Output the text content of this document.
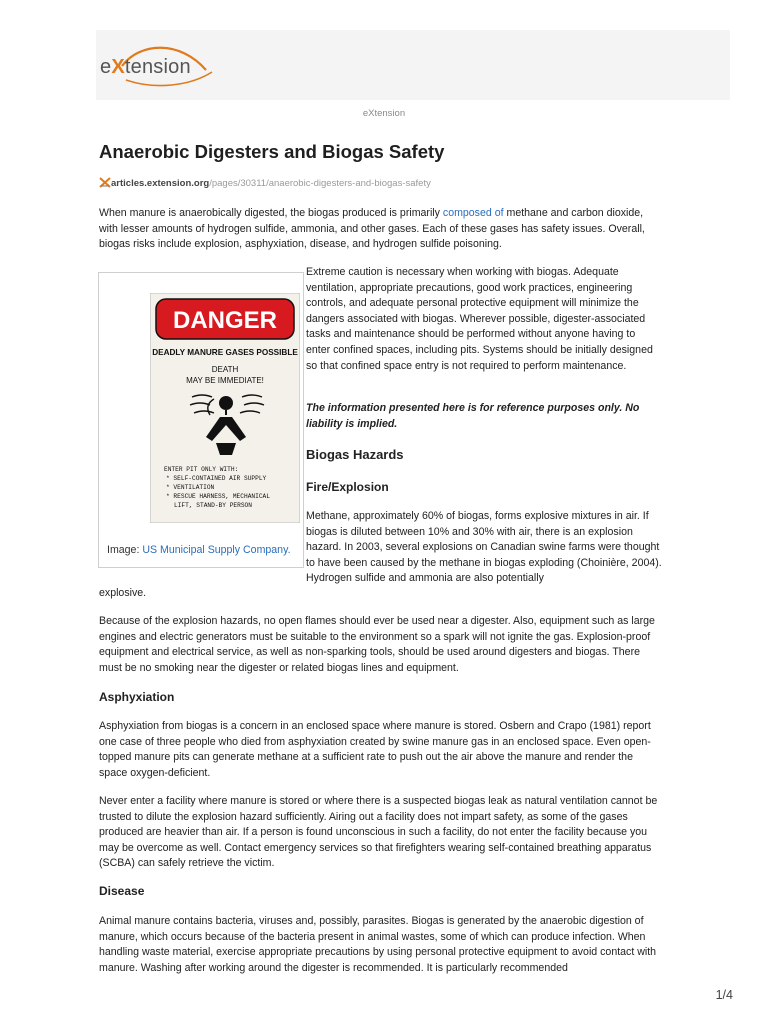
eXtension
eXtension
Anaerobic Digesters and Biogas Safety
articles.extension.org/pages/30311/anaerobic-digesters-and-biogas-safety

When manure is anaerobically digested, the biogas produced is primarily composed of methane and carbon dioxide, with lesser amounts of hydrogen sulfide, ammonia, and other gases. Each of these gases has safety issues. Overall, biogas risks include explosion, asphyxiation, disease, and hydrogen sulfide poisoning.

DANGER
DEADLY MANURE GASES POSSIBLE
DEATH
MAY BE IMMEDIATE!
ENTER PIT ONLY WITH:
* SELF-CONTAINED AIR SUPPLY
* VENTILATION
* RESCUE HARNESS, MECHANICAL
LIFT, STAND-BY PERSON
Image: US Municipal Supply Company.

Extreme caution is necessary when working with biogas. Adequate ventilation, appropriate precautions, good work practices, engineering controls, and adequate personal protective equipment will minimize the dangers associated with biogas. Wherever possible, digester-associated tasks and maintenance should be performed without anyone having to enter confined spaces, including pits. Systems should be initially designed so that confined space entry is not required to perform maintenance.

The information presented here is for reference purposes only. No liability is implied.

Biogas Hazards
Fire/Explosion

Methane, approximately 60% of biogas, forms explosive mixtures in air. If biogas is diluted between 10% and 30% with air, there is an explosion hazard. In 2003, several explosions on Canadian swine farms were thought to have been caused by the methane in biogas exploding (Choinière, 2004). Hydrogen sulfide and ammonia are also potentially

explosive.

Because of the explosion hazards, no open flames should ever be used near a digester. Also, equipment such as large engines and electric generators must be suitable to the environment so a spark will not ignite the gas. Explosion-proof equipment and electrical service, as well as non-sparking tools, should be used around digesters and biogas. There must be no smoking near the digester or related biogas lines and equipment.

Asphyxiation

Asphyxiation from biogas is a concern in an enclosed space where manure is stored. Osbern and Crapo (1981) report one case of three people who died from asphyxiation created by swine manure gas in an enclosed space. Even open-topped manure pits can generate methane at a sufficient rate to push out the air above the manure and render the space oxygen-deficient.

Never enter a facility where manure is stored or where there is a suspected biogas leak as natural ventilation cannot be trusted to dilute the explosion hazard sufficiently. Airing out a facility does not impart safety, as some of the gases produced are heavier than air. If a person is found unconscious in such a facility, do not enter the facility because you may be overcome as well. Contact emergency services so that firefighters wearing self-contained breathing apparatus (SCBA) can safely retrieve the victim.

Disease

Animal manure contains bacteria, viruses and, possibly, parasites. Biogas is generated by the anaerobic digestion of manure, which occurs because of the bacteria present in animal wastes, some of which can produce infection. When handling waste material, exercise appropriate precautions by using personal protective equipment to avoid contact with manure. Washing after working around the digester is recommended. It is particularly recommended

1/4
